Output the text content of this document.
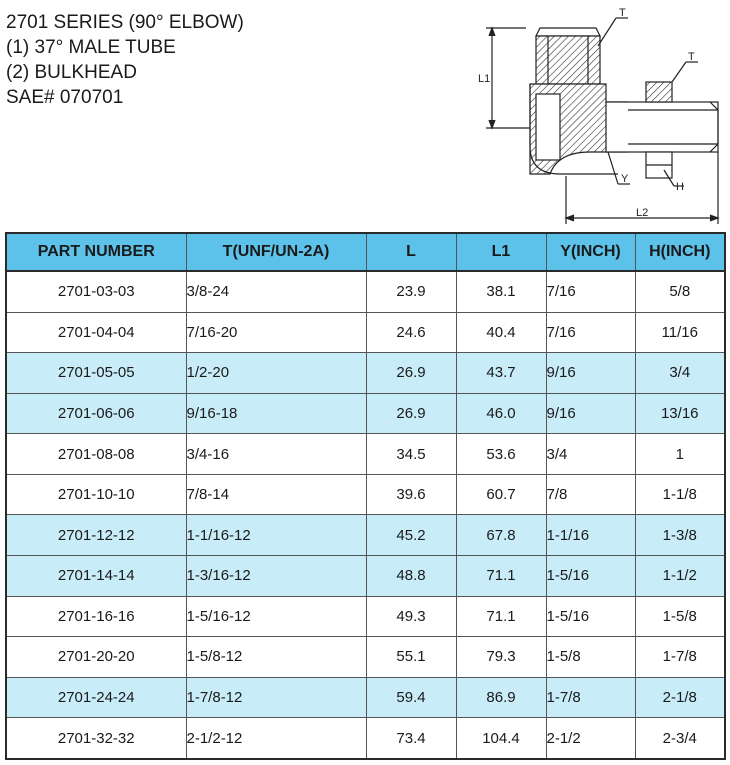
2701 SERIES (90° ELBOW)
(1) 37° MALE TUBE
(2) BULKHEAD
SAE# 070701
T
T
L1
L2
Y
H
PART NUMBER	T(UNF/UN-2A)	L	L1	Y(INCH)	H(INCH)
2701-03-03	3/8-24	23.9	38.1	7/16	5/8
2701-04-04	7/16-20	24.6	40.4	7/16	11/16
2701-05-05	1/2-20	26.9	43.7	9/16	3/4
2701-06-06	9/16-18	26.9	46.0	9/16	13/16
2701-08-08	3/4-16	34.5	53.6	3/4	1
2701-10-10	7/8-14	39.6	60.7	7/8	1-1/8
2701-12-12	1-1/16-12	45.2	67.8	1-1/16	1-3/8
2701-14-14	1-3/16-12	48.8	71.1	1-5/16	1-1/2
2701-16-16	1-5/16-12	49.3	71.1	1-5/16	1-5/8
2701-20-20	1-5/8-12	55.1	79.3	1-5/8	1-7/8
2701-24-24	1-7/8-12	59.4	86.9	1-7/8	2-1/8
2701-32-32	2-1/2-12	73.4	104.4	2-1/2	2-3/4
